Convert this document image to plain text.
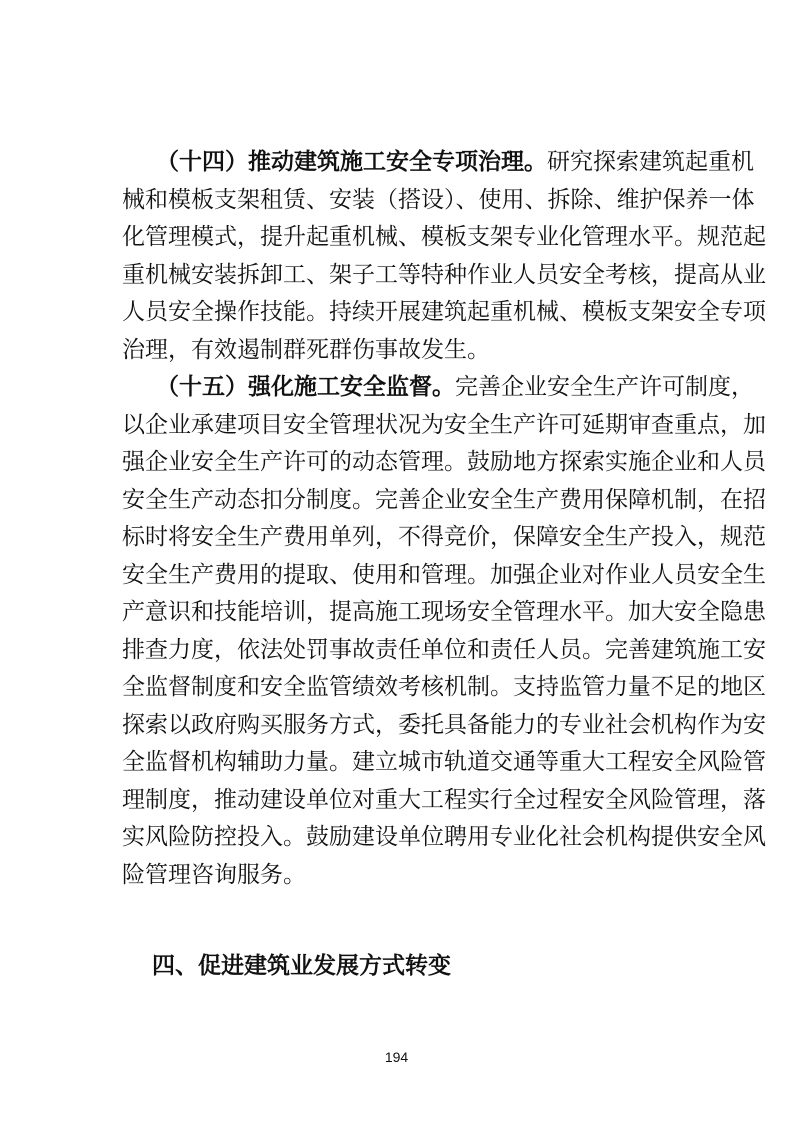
（十四）推动建筑施工安全专项治理。研究探索建筑起重机
械和模板支架租赁、安装（搭设）、使用、拆除、维护保养一体
化管理模式，提升起重机械、模板支架专业化管理水平。规范起
重机械安装拆卸工、架子工等特种作业人员安全考核，提高从业
人员安全操作技能。持续开展建筑起重机械、模板支架安全专项
治理，有效遏制群死群伤事故发生。
（十五）强化施工安全监督。完善企业安全生产许可制度，
以企业承建项目安全管理状况为安全生产许可延期审查重点，加
强企业安全生产许可的动态管理。鼓励地方探索实施企业和人员
安全生产动态扣分制度。完善企业安全生产费用保障机制，在招
标时将安全生产费用单列，不得竞价，保障安全生产投入，规范
安全生产费用的提取、使用和管理。加强企业对作业人员安全生
产意识和技能培训，提高施工现场安全管理水平。加大安全隐患
排查力度，依法处罚事故责任单位和责任人员。完善建筑施工安
全监督制度和安全监管绩效考核机制。支持监管力量不足的地区
探索以政府购买服务方式，委托具备能力的专业社会机构作为安
全监督机构辅助力量。建立城市轨道交通等重大工程安全风险管
理制度，推动建设单位对重大工程实行全过程安全风险管理，落
实风险防控投入。鼓励建设单位聘用专业化社会机构提供安全风
险管理咨询服务。
四、促进建筑业发展方式转变
194
